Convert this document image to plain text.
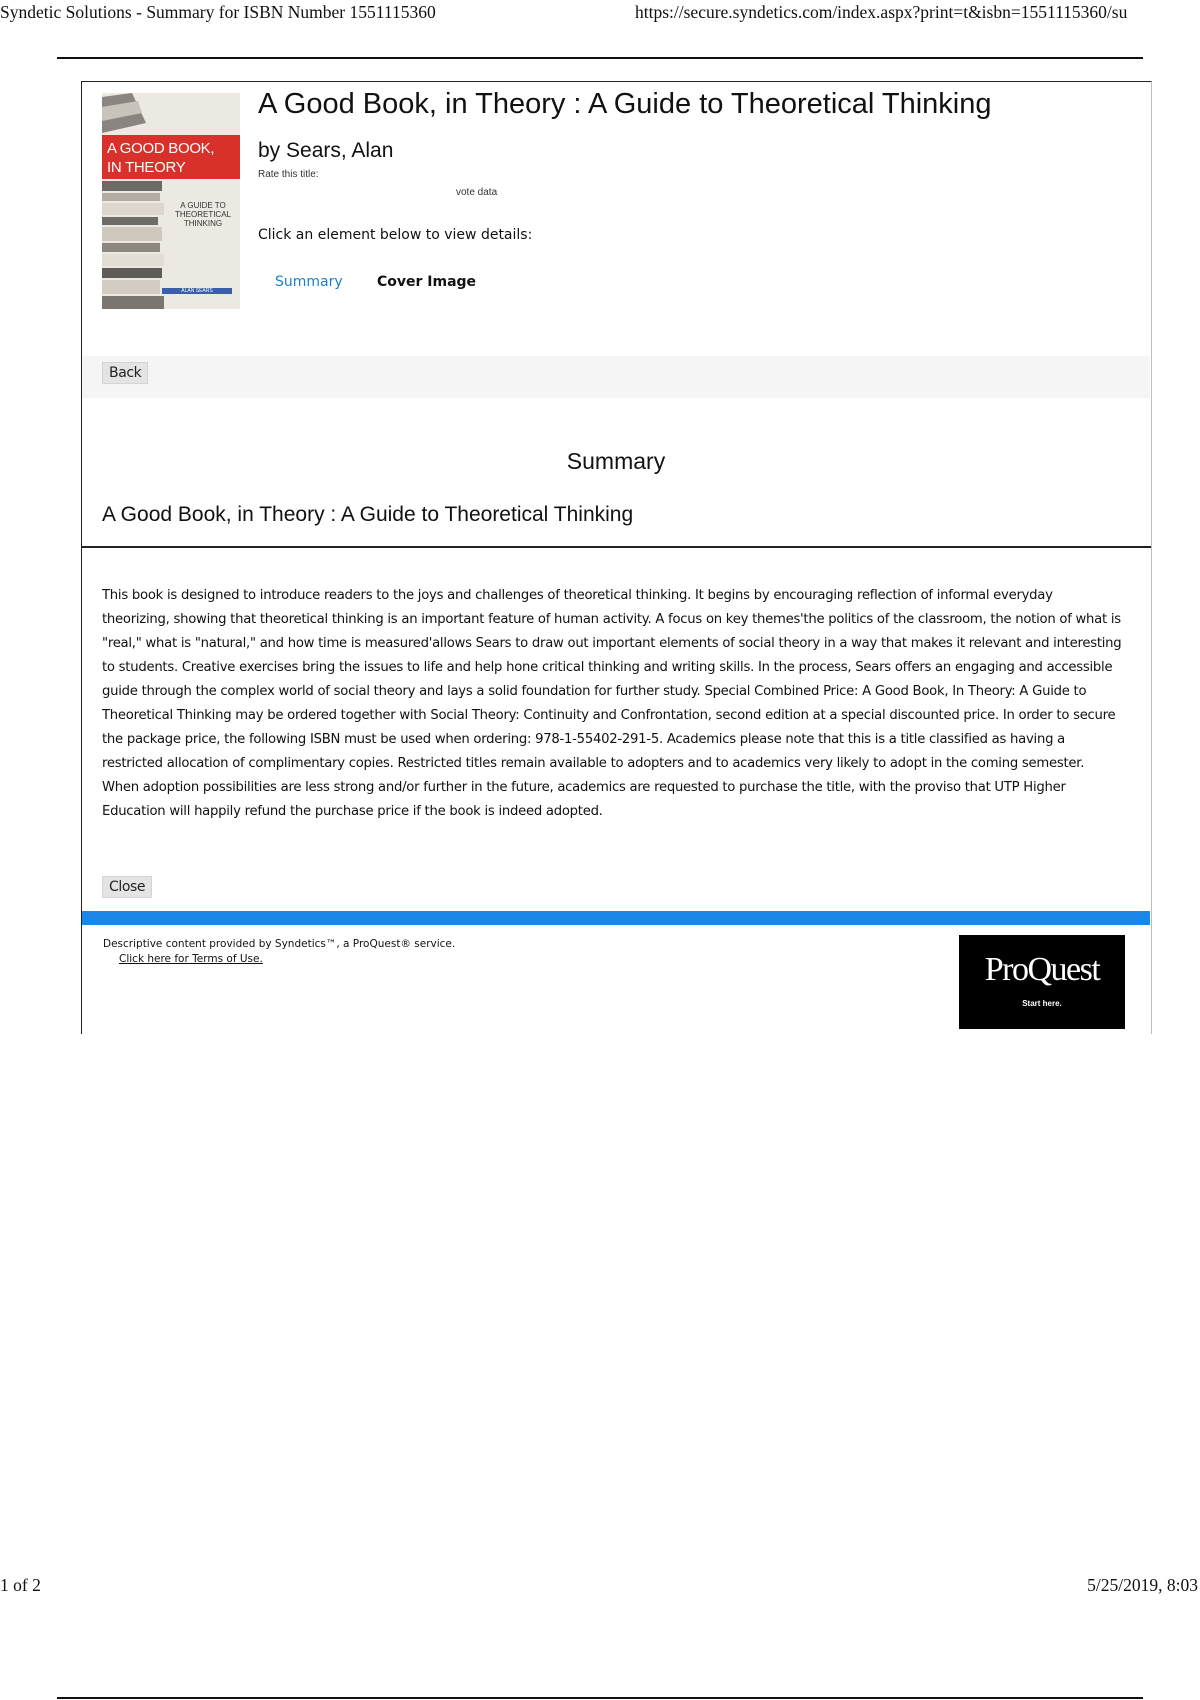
Syndetic Solutions - Summary for ISBN Number 1551115360	https://secure.syndetics.com/index.aspx?print=t&isbn=1551115360/su
A GOOD BOOK,
IN THEORY
A GUIDE TO THEORETICAL THINKING
ALAN SEARS
A Good Book, in Theory : A Guide to Theoretical Thinking
by Sears, Alan
Rate this title:
vote data
Click an element below to view details:
Summary Cover Image
Back
Summary
A Good Book, in Theory : A Guide to Theoretical Thinking
This book is designed to introduce readers to the joys and challenges of theoretical thinking. It begins by encouraging reflection of informal everyday theorizing, showing that theoretical thinking is an important feature of human activity. A focus on key themes'the politics of the classroom, the notion of what is "real," what is "natural," and how time is measured'allows Sears to draw out important elements of social theory in a way that makes it relevant and interesting to students. Creative exercises bring the issues to life and help hone critical thinking and writing skills. In the process, Sears offers an engaging and accessible guide through the complex world of social theory and lays a solid foundation for further study. Special Combined Price: A Good Book, In Theory: A Guide to Theoretical Thinking may be ordered together with Social Theory: Continuity and Confrontation, second edition at a special discounted price. In order to secure the package price, the following ISBN must be used when ordering: 978-1-55402-291-5. Academics please note that this is a title classified as having a restricted allocation of complimentary copies. Restricted titles remain available to adopters and to academics very likely to adopt in the coming semester. When adoption possibilities are less strong and/or further in the future, academics are requested to purchase the title, with the proviso that UTP Higher Education will happily refund the purchase price if the book is indeed adopted.
Close
Descriptive content provided by Syndetics™, a ProQuest® service.
Click here for Terms of Use.	ProQuest
Start here.
1 of 2	5/25/2019, 8:03
